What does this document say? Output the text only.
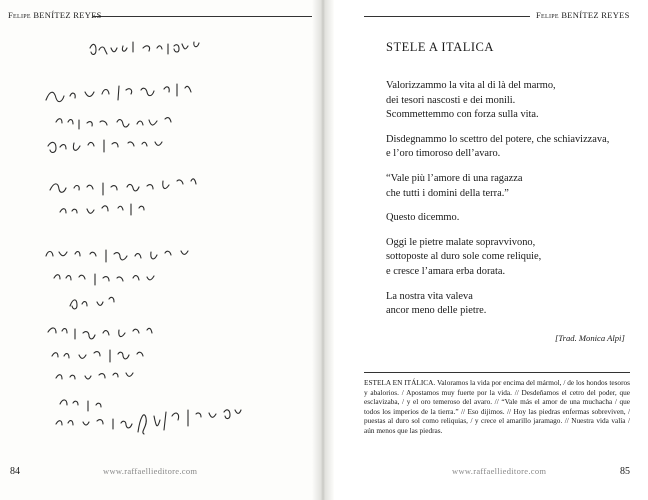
Felipe BENÍTEZ REYES
84	www.raffaellieditore.com
Felipe BENÍTEZ REYES
STELE A ITALICA
Valorizzammo la vita al di là del marmo,
dei tesori nascosti e dei monili.
Scommettemmo con forza sulla vita.
Disdegnammo lo scettro del potere, che schiavizzava,
e l’oro timoroso dell’avaro.
“Vale più l’amore di una ragazza
che tutti i domini della terra.”
Questo dicemmo.
Oggi le pietre malate sopravvivono,
sottoposte al duro sole come reliquie,
e cresce l’amara erba dorata.
La nostra vita valeva
ancor meno delle pietre.
[Trad. Monica Alpi]
ESTELA EN ITÁLICA. Valoramos la vida por encima del mármol, / de los hondos tesoros y abalorios. / Apostamos muy fuerte por la vida. // Desdeñamos el cetro del poder, que esclavizaba, / y el oro temeroso del avaro. // “Vale más el amor de una muchacha / que todos los imperios de la tierra.” // Eso dijimos. // Hoy las piedras enfermas sobreviven, / puestas al duro sol como reliquias, / y crece el amarillo jaramago. // Nuestra vida valía / aún menos que las piedras.
www.raffaellieditore.com	85
